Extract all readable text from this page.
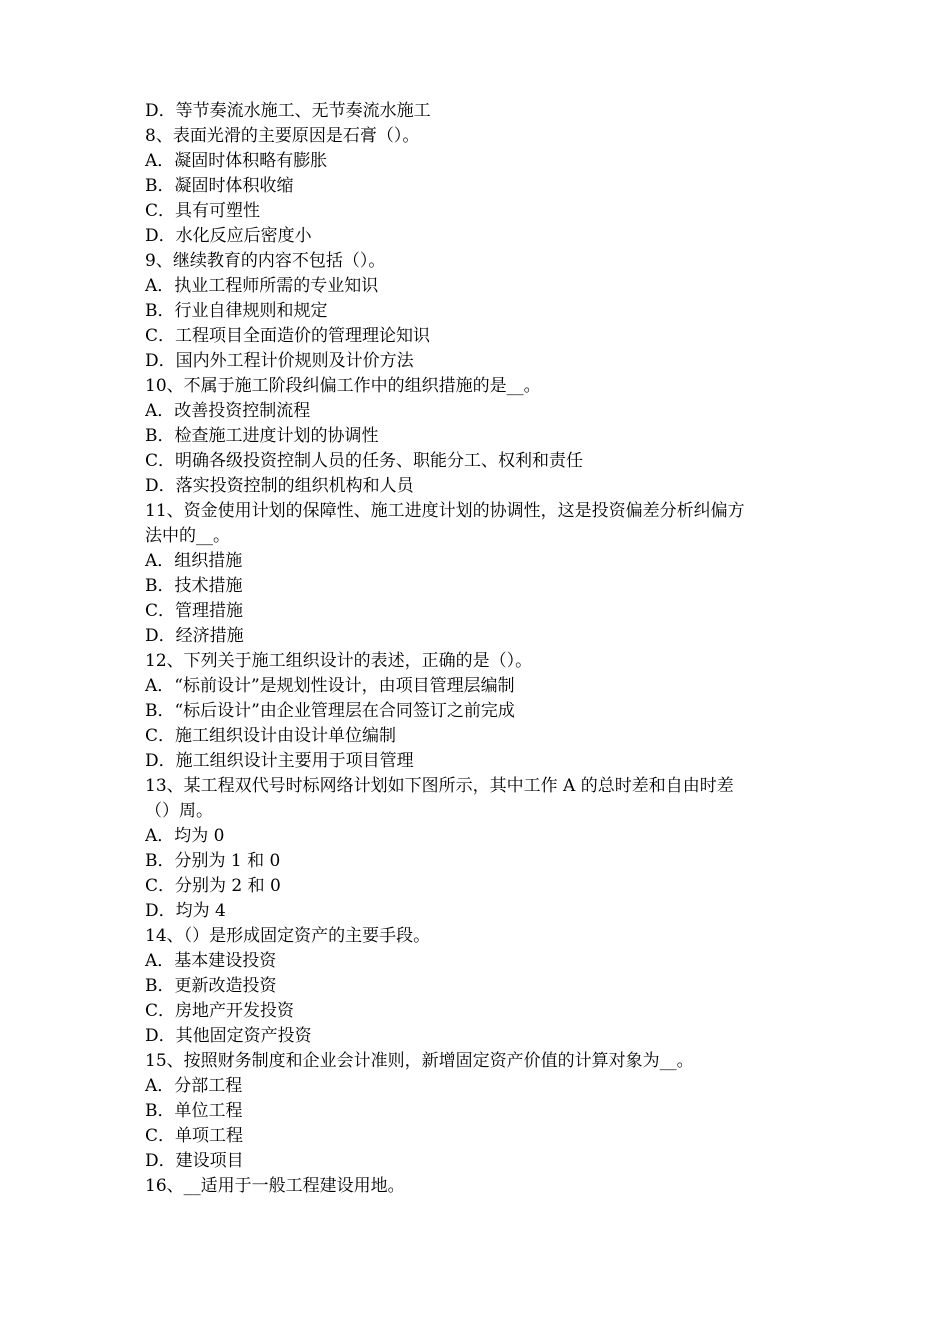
D．等节奏流水施工、无节奏流水施工
8、表面光滑的主要原因是石膏（）。
A．凝固时体积略有膨胀
B．凝固时体积收缩
C．具有可塑性
D．水化反应后密度小
9、继续教育的内容不包括（）。
A．执业工程师所需的专业知识
B．行业自律规则和规定
C．工程项目全面造价的管理理论知识
D．国内外工程计价规则及计价方法
10、不属于施工阶段纠偏工作中的组织措施的是__。
A．改善投资控制流程
B．检查施工进度计划的协调性
C．明确各级投资控制人员的任务、职能分工、权利和责任
D．落实投资控制的组织机构和人员
11、资金使用计划的保障性、施工进度计划的协调性，这是投资偏差分析纠偏方
法中的__。
A．组织措施
B．技术措施
C．管理措施
D．经济措施
12、下列关于施工组织设计的表述，正确的是（）。
A．“标前设计”是规划性设计，由项目管理层编制
B．“标后设计”由企业管理层在合同签订之前完成
C．施工组织设计由设计单位编制
D．施工组织设计主要用于项目管理
13、某工程双代号时标网络计划如下图所示，其中工作 A 的总时差和自由时差
（）周。
A．均为 0
B．分别为 1 和 0
C．分别为 2 和 0
D．均为 4
14、（）是形成固定资产的主要手段。
A．基本建设投资
B．更新改造投资
C．房地产开发投资
D．其他固定资产投资
15、按照财务制度和企业会计准则，新增固定资产价值的计算对象为__。
A．分部工程
B．单位工程
C．单项工程
D．建设项目
16、__适用于一般工程建设用地。
